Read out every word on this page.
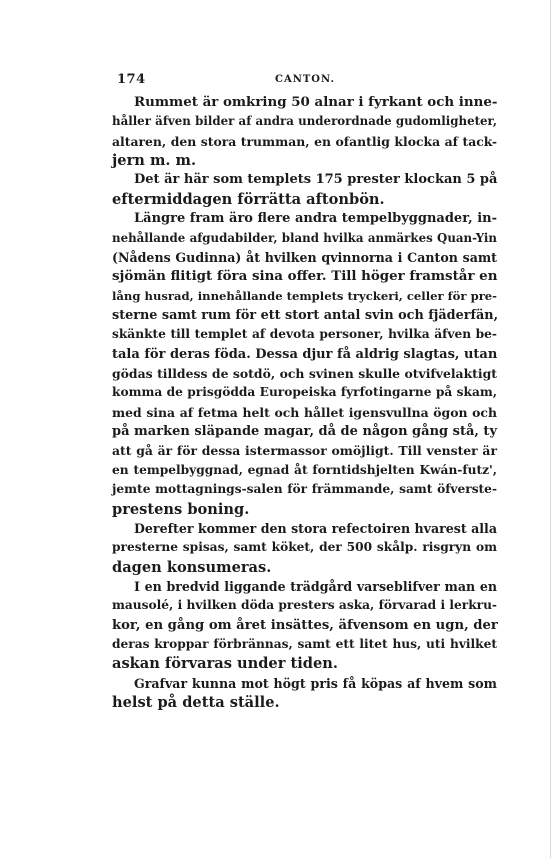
174	CANTON.
Rummet är omkring 50 alnar i fyrkant och inne-
håller äfven bilder af andra underordnade gudomligheter,
altaren, den stora trumman, en ofantlig klocka af tack-
jern m. m.
Det är här som templets 175 prester klockan 5 på
eftermiddagen förrätta aftonbön.
Längre fram äro flere andra tempelbyggnader, in-
nehållande afgudabilder, bland hvilka anmärkes Quan-Yin
(Nådens Gudinna) åt hvilken qvinnorna i Canton samt
sjömän flitigt föra sina offer. Till höger framstår en
lång husrad, innehållande templets tryckeri, celler för pre-
sterne samt rum för ett stort antal svin och fjäderfän,
skänkte till templet af devota personer, hvilka äfven be-
tala för deras föda. Dessa djur få aldrig slagtas, utan
gödas tilldess de sotdö, och svinen skulle otvifvelaktigt
komma de prisgödda Europeiska fyrfotingarne på skam,
med sina af fetma helt och hållet igensvullna ögon och
på marken släpande magar, då de någon gång stå, ty
att gå är för dessa istermassor omöjligt. Till venster är
en tempelbyggnad, egnad åt forntidshjelten Kwán-futz',
jemte mottagnings-salen för främmande, samt öfverste-
prestens boning.
Derefter kommer den stora refectoiren hvarest alla
presterne spisas, samt köket, der 500 skålp. risgryn om
dagen konsumeras.
I en bredvid liggande trädgård varseblifver man en
mausolé, i hvilken döda presters aska, förvarad i lerkru-
kor, en gång om året insättes, äfvensom en ugn, der
deras kroppar förbrännas, samt ett litet hus, uti hvilket
askan förvaras under tiden.
Grafvar kunna mot högt pris få köpas af hvem som
helst på detta ställe.
